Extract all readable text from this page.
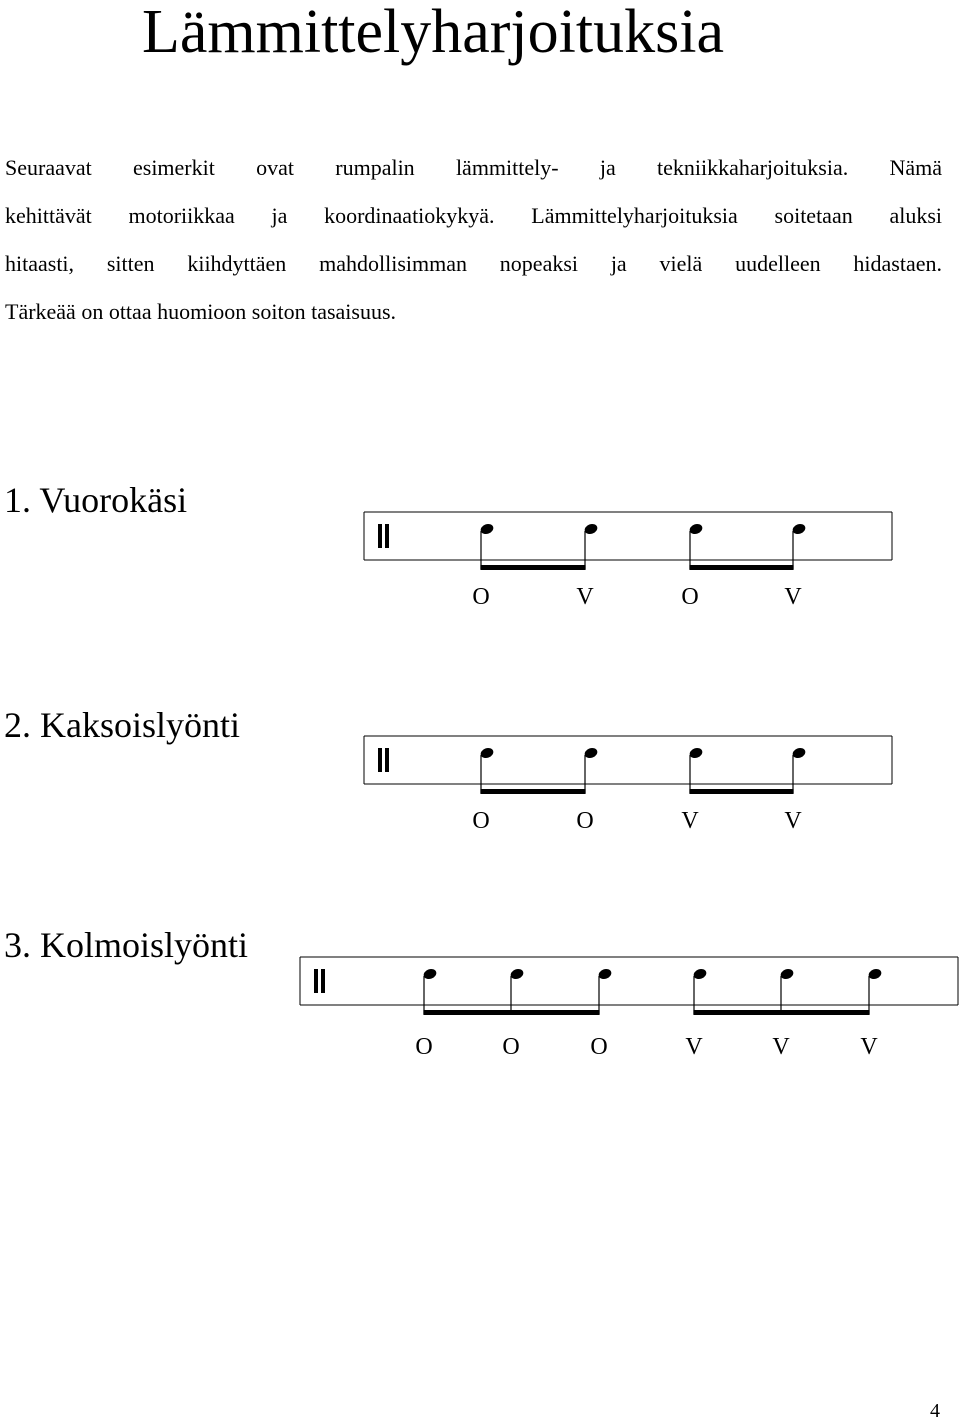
Lämmittelyharjoituksia
Seuraavat esimerkit ovat rumpalin lämmittely- ja tekniikkaharjoituksia. Nämä
kehittävät motoriikkaa ja koordinaatiokykyä. Lämmittelyharjoituksia soitetaan aluksi
hitaasti, sitten kiihdyttäen mahdollisimman nopeaksi ja vielä uudelleen hidastaen.
Tärkeää on ottaa huomioon soiton tasaisuus.
1. Vuorokäsi
O	V	O	V
2. Kaksoislyönti
O	O	V	V
3. Kolmoislyönti
O	O	O	V	V	V
4
